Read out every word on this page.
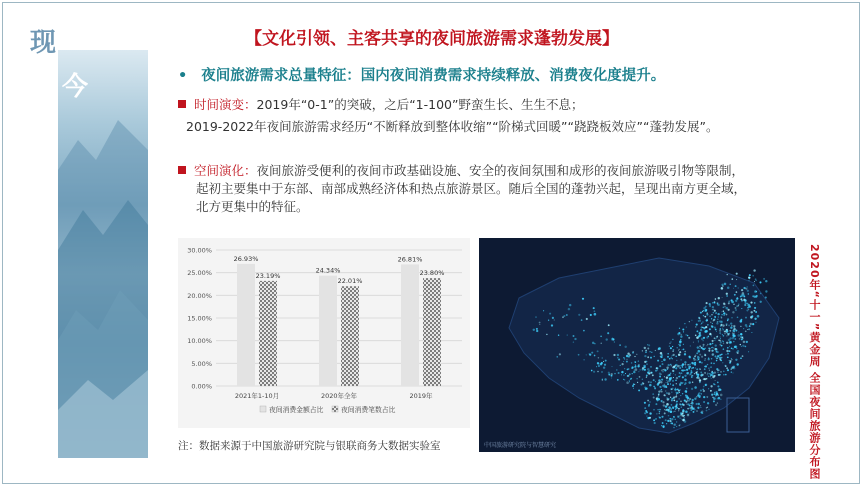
现
今
【文化引领、主客共享的夜间旅游需求蓬勃发展】
• 夜间旅游需求总量特征：国内夜间消费需求持续释放、消费夜化度提升。
时间演变：2019年“0-1”的突破，之后“1-100”野蛮生长、生生不息；
2019-2022年夜间旅游需求经历“不断释放到整体收缩”“阶梯式回暖”“跷跷板效应”“蓬勃发展”。
空间演化：夜间旅游受便利的夜间市政基础设施、安全的夜间氛围和成形的夜间旅游吸引物等限制，
起初主要集中于东部、南部成熟经济体和热点旅游景区。随后全国的蓬勃兴起，呈现出南方更全域，
北方更集中的特征。
0.00%
5.00%
10.00%
15.00%
20.00%
25.00%
30.00%
26.93%
23.19%
2021年1-10月
24.34%
22.01%
2020年全年
26.81%
23.80%
2019年
夜间消费金额占比	夜间消费笔数占比	2020年“十一”黄金周 全国夜间旅游分布图
中国旅游研究院与智慧研究
注：数据来源于中国旅游研究院与银联商务大数据实验室
